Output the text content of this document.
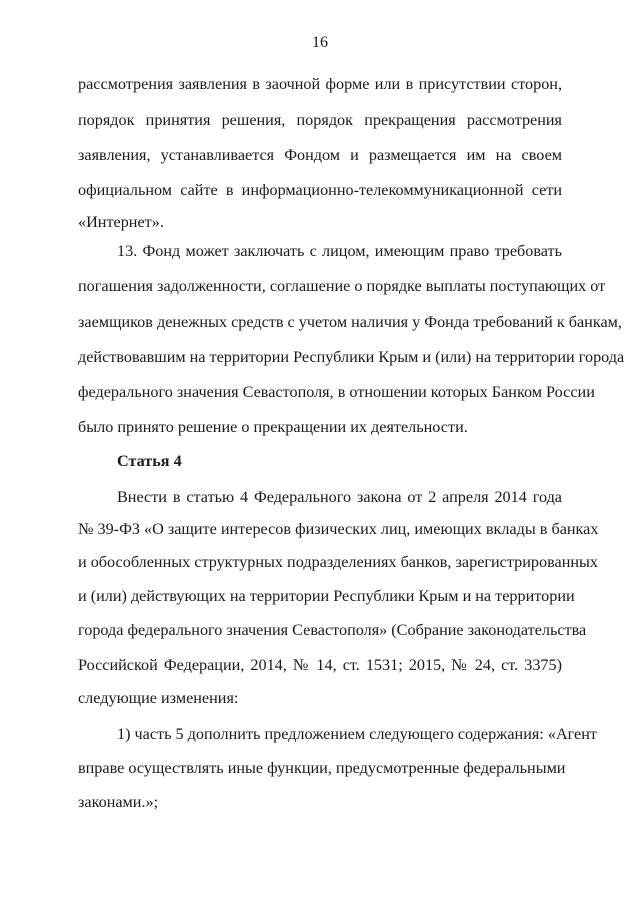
16
рассмотрения заявления в заочной форме или в присутствии сторон,
порядок принятия решения, порядок прекращения рассмотрения
заявления, устанавливается Фондом и размещается им на своем
официальном сайте в информационно-телекоммуникационной сети
«Интернет».
13. Фонд может заключать с лицом, имеющим право требовать
погашения задолженности, соглашение о порядке выплаты поступающих от
заемщиков денежных средств с учетом наличия у Фонда требований к банкам,
действовавшим на территории Республики Крым и (или) на территории города
федерального значения Севастополя, в отношении которых Банком России
было принято решение о прекращении их деятельности.
Статья 4
Внести в статью 4 Федерального закона от 2 апреля 2014 года
№ 39-ФЗ «О защите интересов физических лиц, имеющих вклады в банках
и обособленных структурных подразделениях банков, зарегистрированных
и (или) действующих на территории Республики Крым и на территории
города федерального значения Севастополя» (Собрание законодательства
Российской Федерации, 2014, № 14, ст. 1531; 2015, № 24, ст. 3375)
следующие изменения:
1) часть 5 дополнить предложением следующего содержания: «Агент
вправе осуществлять иные функции, предусмотренные федеральными
законами.»;
